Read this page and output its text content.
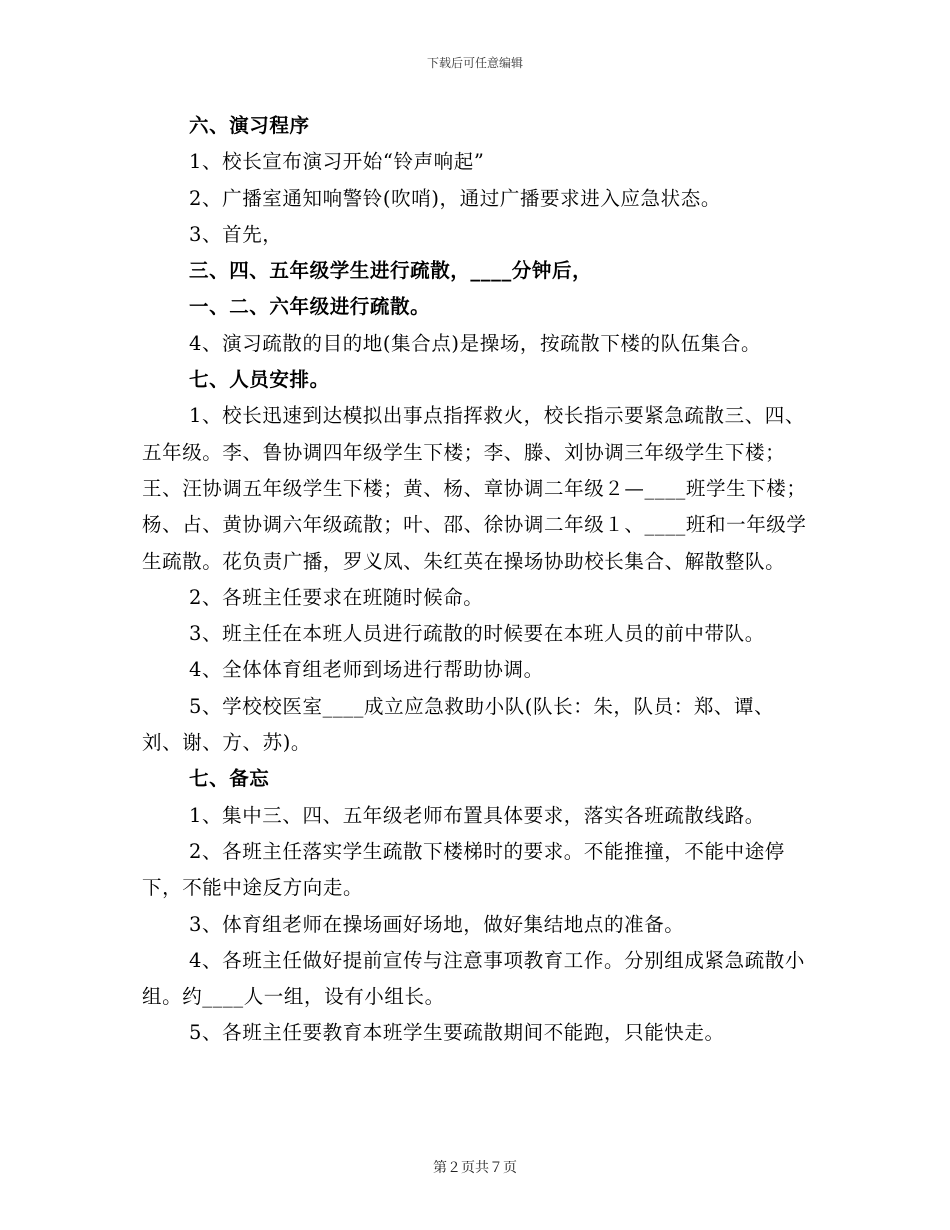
下载后可任意编辑

六、演习程序

1、校长宣布演习开始“铃声响起”

2、广播室通知响警铃(吹哨)，通过广播要求进入应急状态。

3、首先，

三、四、五年级学生进行疏散，____分钟后，

一、二、六年级进行疏散。

4、演习疏散的目的地(集合点)是操场，按疏散下楼的队伍集合。

七、人员安排。

1、校长迅速到达模拟出事点指挥救火，校长指示要紧急疏散三、四、五年级。李、鲁协调四年级学生下楼；李、滕、刘协调三年级学生下楼；王、汪协调五年级学生下楼；黄、杨、章协调二年级２—____班学生下楼；杨、占、黄协调六年级疏散；叶、邵、徐协调二年级１、____班和一年级学生疏散。花负责广播，罗义凤、朱红英在操场协助校长集合、解散整队。

2、各班主任要求在班随时候命。

3、班主任在本班人员进行疏散的时候要在本班人员的前中带队。

4、全体体育组老师到场进行帮助协调。

5、学校校医室____成立应急救助小队(队长：朱，队员：郑、谭、刘、谢、方、苏)。

七、备忘

1、集中三、四、五年级老师布置具体要求，落实各班疏散线路。

2、各班主任落实学生疏散下楼梯时的要求。不能推撞，不能中途停下，不能中途反方向走。

3、体育组老师在操场画好场地，做好集结地点的准备。

4、各班主任做好提前宣传与注意事项教育工作。分别组成紧急疏散小组。约____人一组，设有小组长。

5、各班主任要教育本班学生要疏散期间不能跑，只能快走。

第２页共７页
